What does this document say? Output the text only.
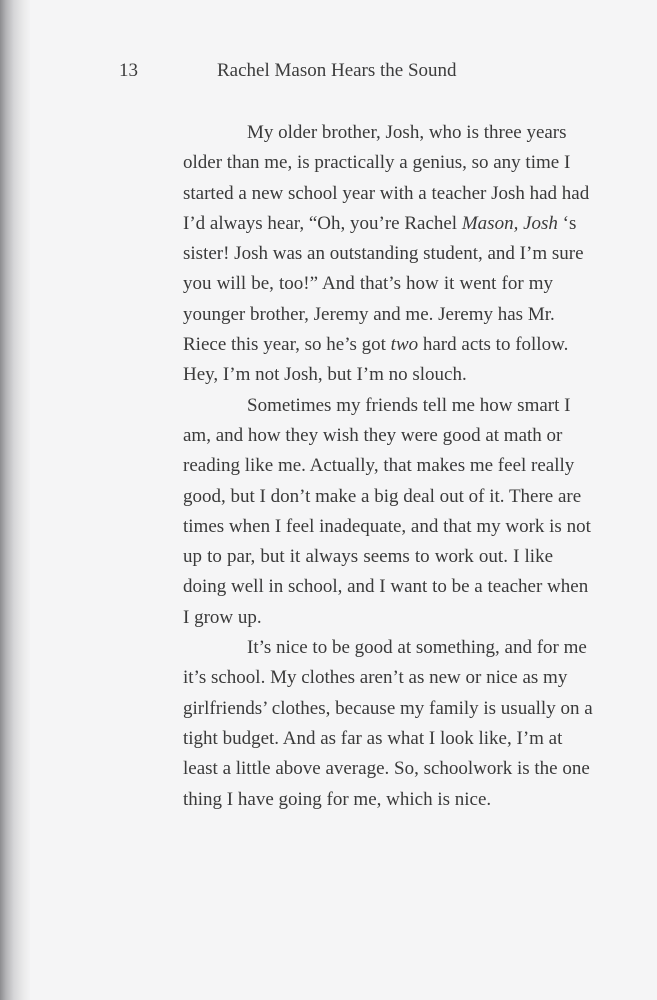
13	Rachel Mason Hears the Sound

My older brother, Josh, who is three years
older than me, is practically a genius, so any time I
started a new school year with a teacher Josh had had
I’d always hear, “Oh, you’re Rachel Mason, Josh ‘s
sister! Josh was an outstanding student, and I’m sure
you will be, too!” And that’s how it went for my
younger brother, Jeremy and me. Jeremy has Mr.
Riece this year, so he’s got two hard acts to follow.
Hey, I’m not Josh, but I’m no slouch.

Sometimes my friends tell me how smart I
am, and how they wish they were good at math or
reading like me. Actually, that makes me feel really
good, but I don’t make a big deal out of it. There are
times when I feel inadequate, and that my work is not
up to par, but it always seems to work out. I like
doing well in school, and I want to be a teacher when
I grow up.

It’s nice to be good at something, and for me
it’s school. My clothes aren’t as new or nice as my
girlfriends’ clothes, because my family is usually on a
tight budget. And as far as what I look like, I’m at
least a little above average. So, schoolwork is the one
thing I have going for me, which is nice.
